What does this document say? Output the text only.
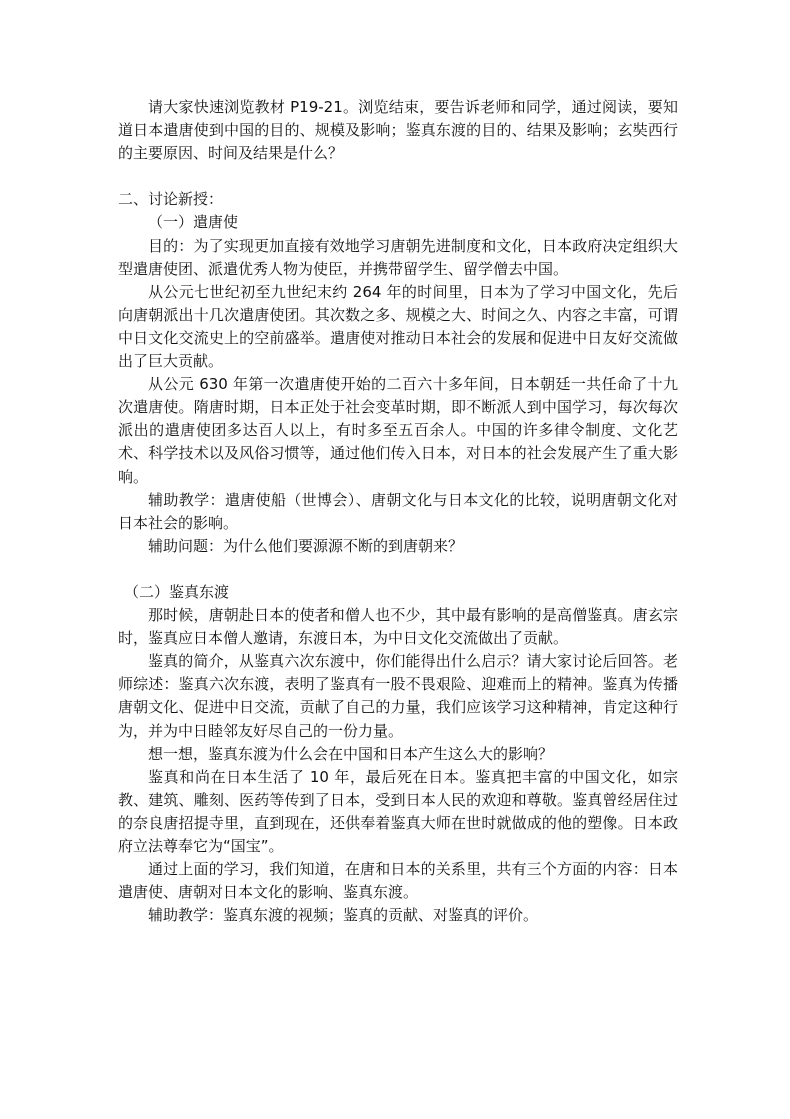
请大家快速浏览教材 P19-21。浏览结束，要告诉老师和同学，通过阅读，要知道日本遣唐使到中国的目的、规模及影响；鉴真东渡的目的、结果及影响；玄奘西行的主要原因、时间及结果是什么？

二、讨论新授：

（一）遣唐使

目的：为了实现更加直接有效地学习唐朝先进制度和文化，日本政府决定组织大型遣唐使团、派遣优秀人物为使臣，并携带留学生、留学僧去中国。

从公元七世纪初至九世纪末约 264 年的时间里，日本为了学习中国文化，先后向唐朝派出十几次遣唐使团。其次数之多、规模之大、时间之久、内容之丰富，可谓中日文化交流史上的空前盛举。遣唐使对推动日本社会的发展和促进中日友好交流做出了巨大贡献。

从公元 630 年第一次遣唐使开始的二百六十多年间，日本朝廷一共任命了十九次遣唐使。隋唐时期，日本正处于社会变革时期，即不断派人到中国学习，每次每次派出的遣唐使团多达百人以上，有时多至五百余人。中国的许多律令制度、文化艺术、科学技术以及风俗习惯等，通过他们传入日本，对日本的社会发展产生了重大影响。

辅助教学：遣唐使船（世博会）、唐朝文化与日本文化的比较，说明唐朝文化对日本社会的影响。

辅助问题：为什么他们要源源不断的到唐朝来？

（二）鉴真东渡

那时候，唐朝赴日本的使者和僧人也不少，其中最有影响的是高僧鉴真。唐玄宗时，鉴真应日本僧人邀请，东渡日本，为中日文化交流做出了贡献。

鉴真的简介，从鉴真六次东渡中，你们能得出什么启示？请大家讨论后回答。老师综述：鉴真六次东渡，表明了鉴真有一股不畏艰险、迎难而上的精神。鉴真为传播唐朝文化、促进中日交流，贡献了自己的力量，我们应该学习这种精神，肯定这种行为，并为中日睦邻友好尽自己的一份力量。

想一想，鉴真东渡为什么会在中国和日本产生这么大的影响？

鉴真和尚在日本生活了 10 年，最后死在日本。鉴真把丰富的中国文化，如宗教、建筑、雕刻、医药等传到了日本，受到日本人民的欢迎和尊敬。鉴真曾经居住过的奈良唐招提寺里，直到现在，还供奉着鉴真大师在世时就做成的他的塑像。日本政府立法尊奉它为“国宝”。

通过上面的学习，我们知道，在唐和日本的关系里，共有三个方面的内容：日本遣唐使、唐朝对日本文化的影响、鉴真东渡。

辅助教学：鉴真东渡的视频；鉴真的贡献、对鉴真的评价。
